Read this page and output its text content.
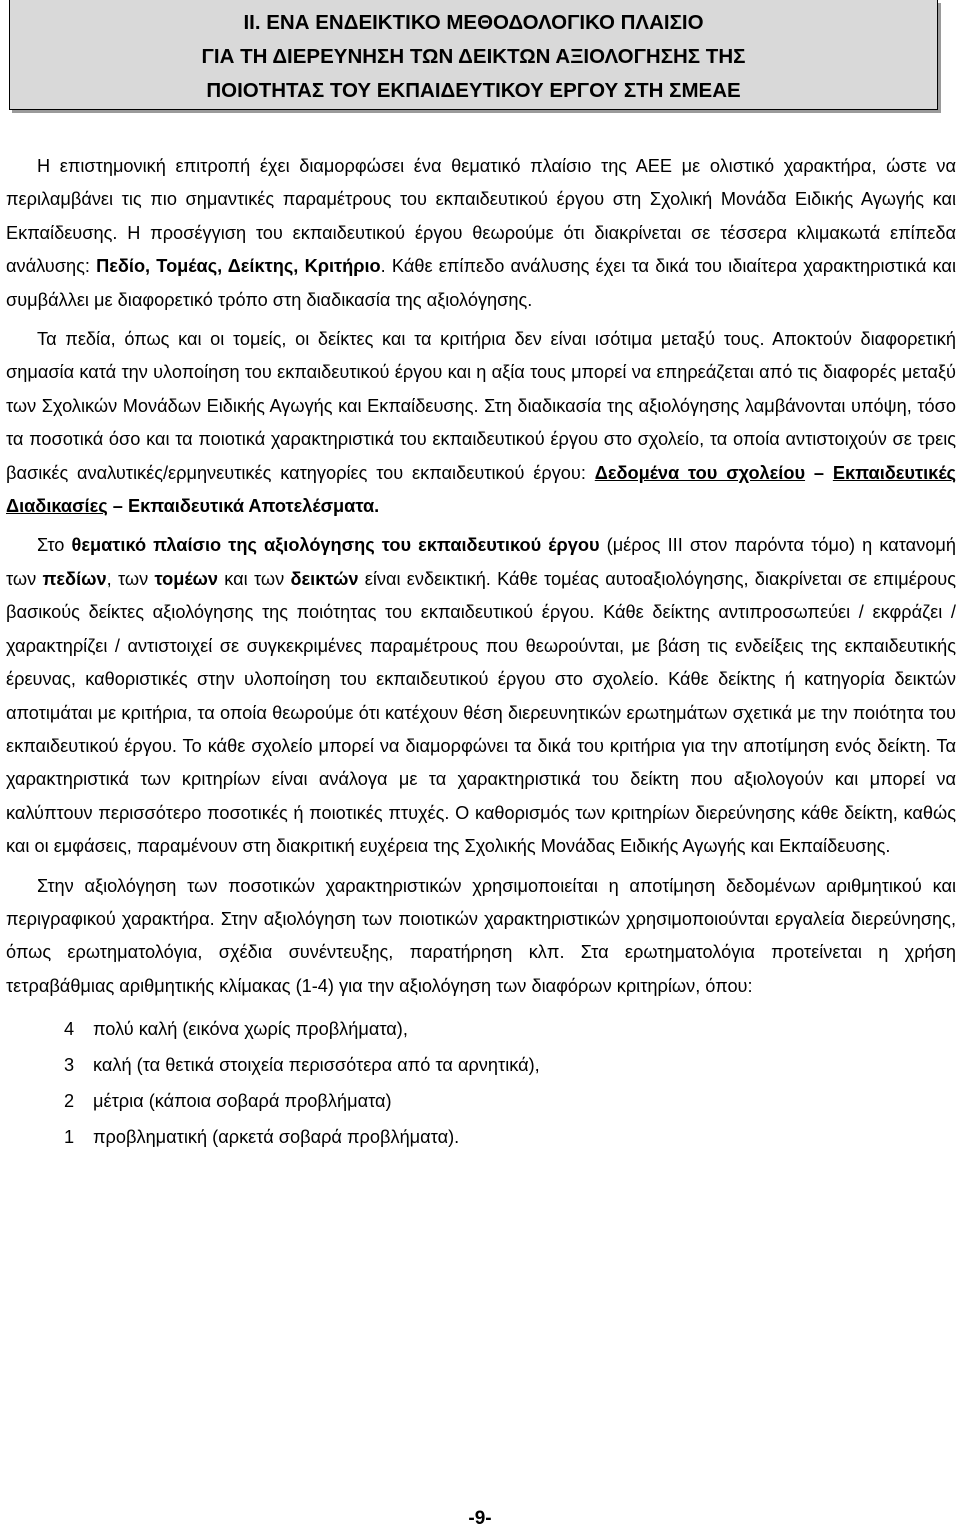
II. ΕΝΑ ΕΝΔΕΙΚΤΙΚΟ ΜΕΘΟΔΟΛΟΓΙΚΟ ΠΛΑΙΣΙΟ
ΓΙΑ ΤΗ ΔΙΕΡΕΥΝΗΣΗ ΤΩΝ ΔΕΙΚΤΩΝ ΑΞΙΟΛΟΓΗΣΗΣ ΤΗΣ
ΠΟΙΟΤΗΤΑΣ ΤΟΥ ΕΚΠΑΙΔΕΥΤΙΚΟΥ ΕΡΓΟΥ ΣΤΗ ΣΜΕΑΕ

Η επιστημονική επιτροπή έχει διαμορφώσει ένα θεματικό πλαίσιο της ΑΕΕ με ολιστικό χαρακτήρα, ώστε να περιλαμβάνει τις πιο σημαντικές παραμέτρους του εκπαιδευτικού έργου στη Σχολική Μονάδα Ειδικής Αγωγής και Εκπαίδευσης. Η προσέγγιση του εκπαιδευτικού έργου θεωρούμε ότι διακρίνεται σε τέσσερα κλιμακωτά επίπεδα ανάλυσης: Πεδίο, Τομέας, Δείκτης, Κριτήριο. Κάθε επίπεδο ανάλυσης έχει τα δικά του ιδιαίτερα χαρακτηριστικά και συμβάλλει με διαφορετικό τρόπο στη διαδικασία της αξιολόγησης.

Τα πεδία, όπως και οι τομείς, οι δείκτες και τα κριτήρια δεν είναι ισότιμα μεταξύ τους. Αποκτούν διαφορετική σημασία κατά την υλοποίηση του εκπαιδευτικού έργου και η αξία τους μπορεί να επηρεάζεται από τις διαφορές μεταξύ των Σχολικών Μονάδων Ειδικής Αγωγής και Εκπαίδευσης. Στη διαδικασία της αξιολόγησης λαμβάνονται υπόψη, τόσο τα ποσοτικά όσο και τα ποιοτικά χαρακτηριστικά του εκπαιδευτικού έργου στο σχολείο, τα οποία αντιστοιχούν σε τρεις βασικές αναλυτικές/ερμηνευτικές κατηγορίες του εκπαιδευτικού έργου: Δεδομένα του σχολείου – Εκπαιδευτικές Διαδικασίες – Εκπαιδευτικά Αποτελέσματα.

Στο θεματικό πλαίσιο της αξιολόγησης του εκπαιδευτικού έργου (μέρος ΙΙΙ στον παρόντα τόμο) η κατανομή των πεδίων, των τομέων και των δεικτών είναι ενδεικτική. Κάθε τομέας αυτοαξιολόγησης, διακρίνεται σε επιμέρους βασικούς δείκτες αξιολόγησης της ποιότητας του εκπαιδευτικού έργου. Κάθε δείκτης αντιπροσωπεύει / εκφράζει / χαρακτηρίζει / αντιστοιχεί σε συγκεκριμένες παραμέτρους που θεωρούνται, με βάση τις ενδείξεις της εκπαιδευτικής έρευνας, καθοριστικές στην υλοποίηση του εκπαιδευτικού έργου στο σχολείο. Κάθε δείκτης ή κατηγορία δεικτών αποτιμάται με κριτήρια, τα οποία θεωρούμε ότι κατέχουν θέση διερευνητικών ερωτημάτων σχετικά με την ποιότητα του εκπαιδευτικού έργου. Το κάθε σχολείο μπορεί να διαμορφώνει τα δικά του κριτήρια για την αποτίμηση ενός δείκτη. Τα χαρακτηριστικά των κριτηρίων είναι ανάλογα με τα χαρακτηριστικά του δείκτη που αξιολογούν και μπορεί να καλύπτουν περισσότερο ποσοτικές ή ποιοτικές πτυχές. Ο καθορισμός των κριτηρίων διερεύνησης κάθε δείκτη, καθώς και οι εμφάσεις, παραμένουν στη διακριτική ευχέρεια της Σχολικής Μονάδας Ειδικής Αγωγής και Εκπαίδευσης.

Στην αξιολόγηση των ποσοτικών χαρακτηριστικών χρησιμοποιείται η αποτίμηση δεδομένων αριθμητικού και περιγραφικού χαρακτήρα. Στην αξιολόγηση των ποιοτικών χαρακτηριστικών χρησιμοποιούνται εργαλεία διερεύνησης, όπως ερωτηματολόγια, σχέδια συνέντευξης, παρατήρηση κλπ. Στα ερωτηματολόγια προτείνεται η χρήση τετραβάθμιας αριθμητικής κλίμακας (1-4) για την αξιολόγηση των διαφόρων κριτηρίων, όπου:

4 πολύ καλή (εικόνα χωρίς προβλήματα),

3 καλή (τα θετικά στοιχεία περισσότερα από τα αρνητικά),

2 μέτρια (κάποια σοβαρά προβλήματα)

1 προβληματική (αρκετά σοβαρά προβλήματα).

-9-
